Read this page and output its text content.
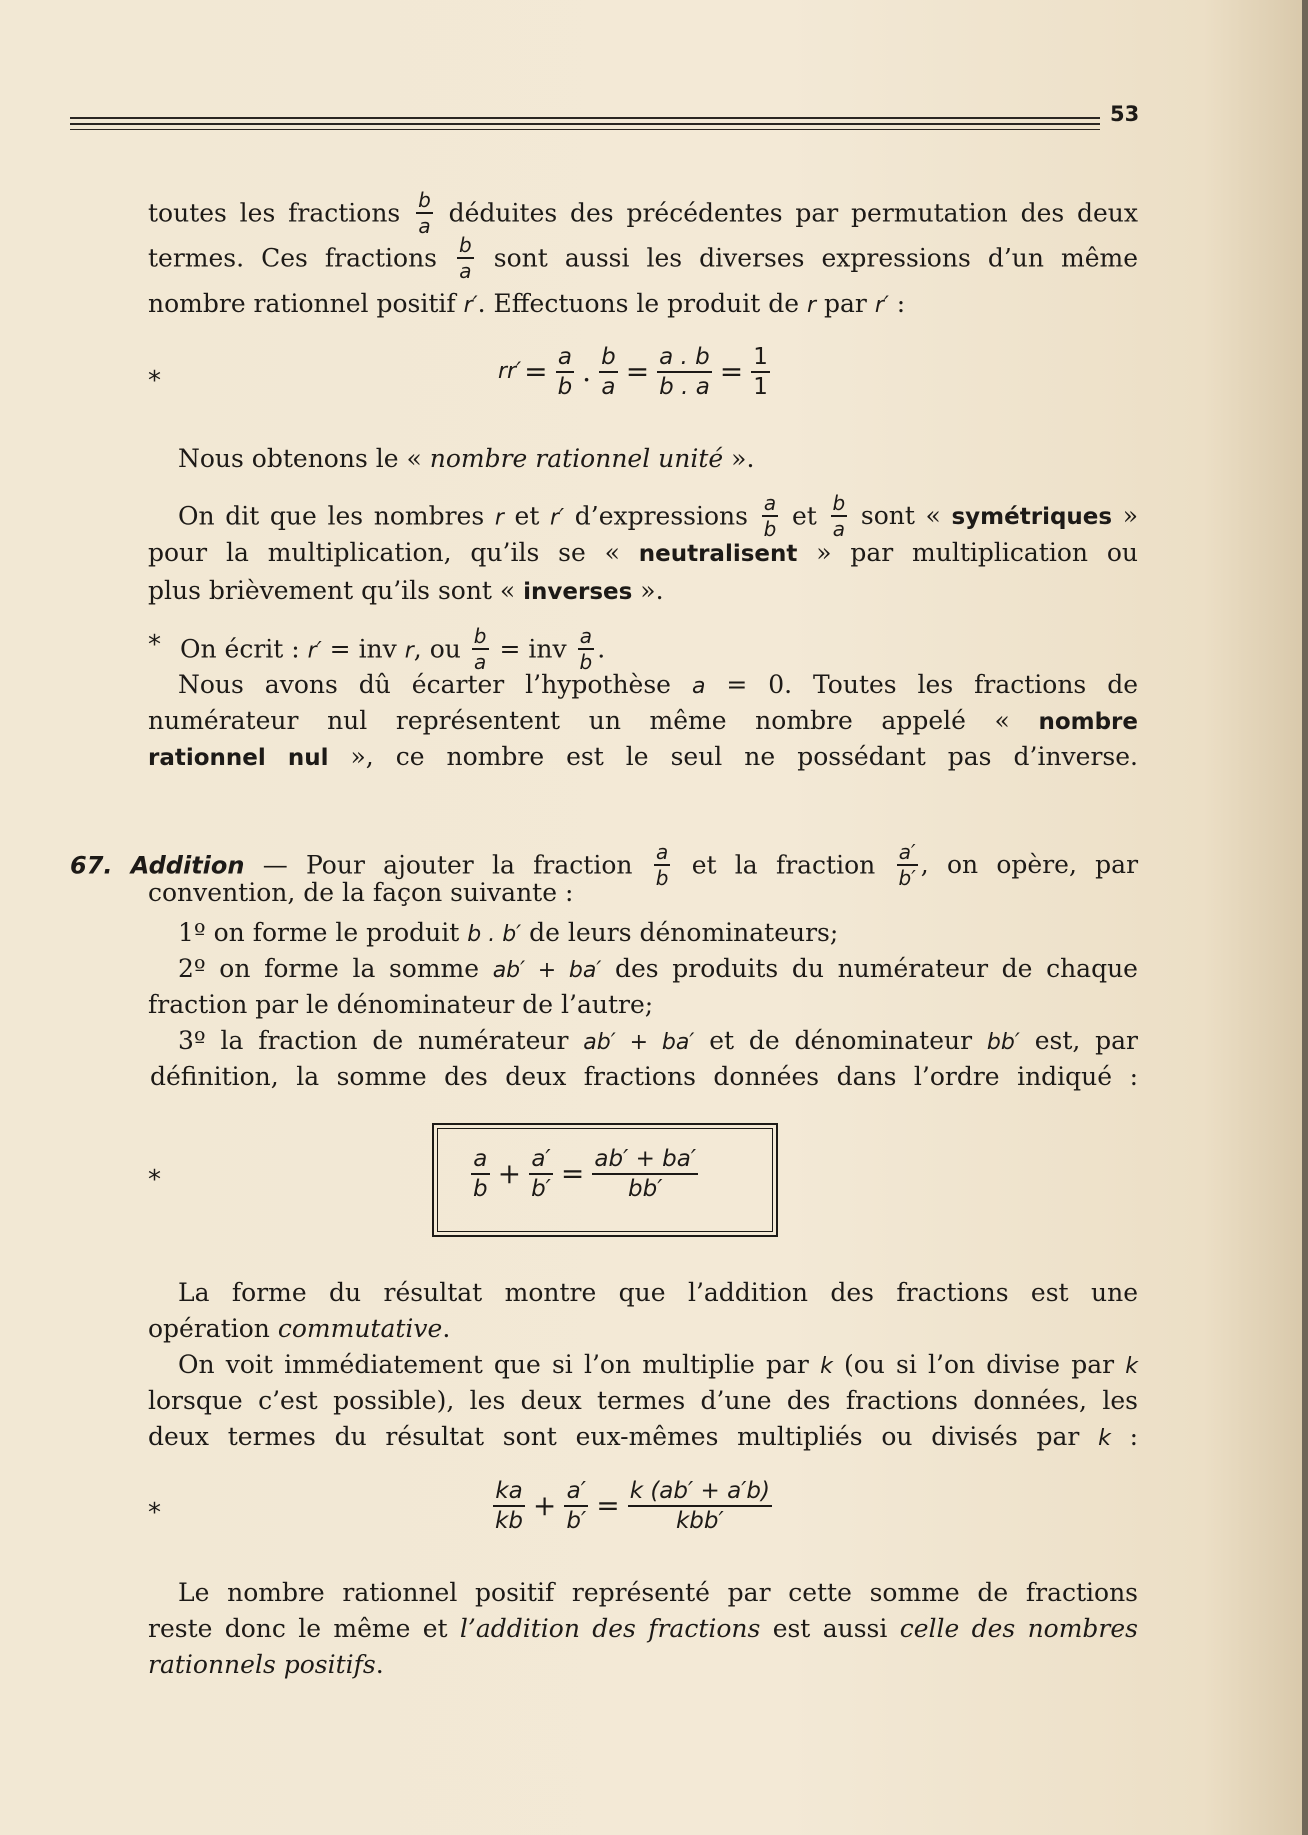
53
toutes les fractions $\frac{b}{a}$ déduites des précédentes par permutation des deux
termes. Ces fractions $\frac{b}{a}$ sont aussi les diverses expressions d’un même
nombre rationnel positif r′. Effectuons le produit de r par r′ :
*	$rr' = \frac{a}{b}$ . $\frac{b}{a} = \frac{a . b}{b . a} = \frac{1}{1}$
Nous obtenons le « nombre rationnel unité ».
On dit que les nombres r et r′ d’expressions $\frac{a}{b}$ et $\frac{b}{a}$ sont « symétriques »
pour la multiplication, qu’ils se « neutralisent » par multiplication ou
plus brièvement qu’ils sont « inverses ».
* On écrit : r′ = inv r, ou $\frac{b}{a}$ = inv $\frac{a}{b}$ .
Nous avons dû écarter l’hypothèse a = 0. Toutes les fractions de
numérateur nul représentent un même nombre appelé « nombre
rationnel nul », ce nombre est le seul ne possédant pas d’inverse.
67. Addition — Pour ajouter la fraction $\frac{a}{b}$ et la fraction $\frac{a'}{b'}$ , on opère, par
convention, de la façon suivante :
1º on forme le produit b . b′ de leurs dénominateurs;
2º on forme la somme ab′ + ba′ des produits du numérateur de chaque
fraction par le dénominateur de l’autre;
3º la fraction de numérateur ab′ + ba′ et de dénominateur bb′ est, par
définition, la somme des deux fractions données dans l’ordre indiqué :
*	$\frac{a}{b} + \frac{a'}{b'} = \frac{ab' + ba'}{bb'}$
La forme du résultat montre que l’addition des fractions est une
opération commutative.
On voit immédiatement que si l’on multiplie par k (ou si l’on divise par k
lorsque c’est possible), les deux termes d’une des fractions données, les
deux termes du résultat sont eux-mêmes multipliés ou divisés par k :
*	$\frac{ka}{kb} + \frac{a'}{b'} = \frac{k (ab' + a'b)}{\text{kbb′}}$
Le nombre rationnel positif représenté par cette somme de fractions
reste donc le même et l’addition des fractions est aussi celle des nombres
rationnels positifs.
